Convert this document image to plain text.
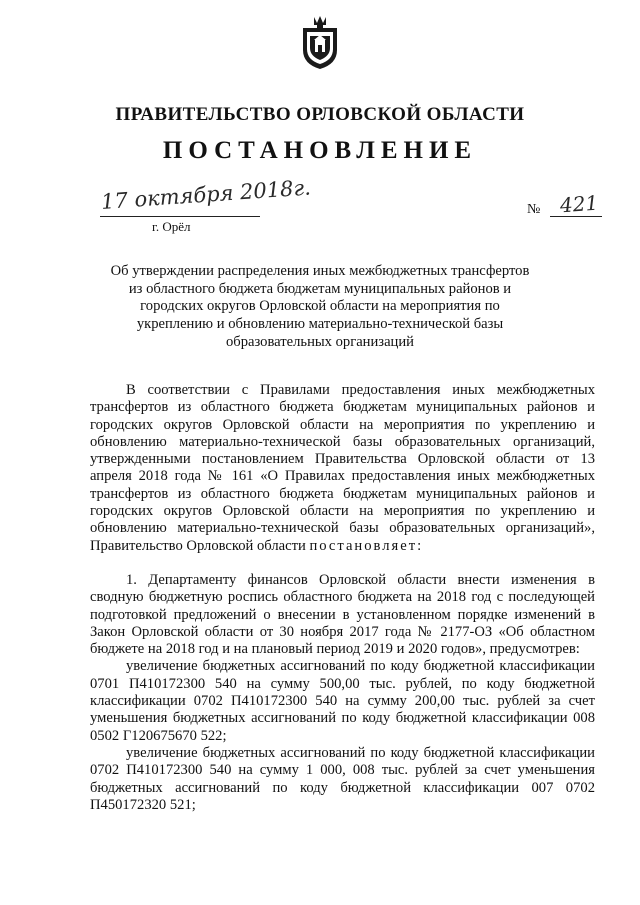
ПРАВИТЕЛЬСТВО ОРЛОВСКОЙ ОБЛАСТИ
ПОСТАНОВЛЕНИЕ
17 октября 2018г.
г. Орёл
№ 421
Об утверждении распределения иных межбюджетных трансфертов из областного бюджета бюджетам муниципальных районов и городских округов Орловской области на мероприятия по укреплению и обновлению материально-технической базы образовательных организаций

В соответствии с Правилами предоставления иных межбюджетных трансфертов из областного бюджета бюджетам муниципальных районов и городских округов Орловской области на мероприятия по укреплению и обновлению материально-технической базы образовательных организаций, утвержденными постановлением Правительства Орловской области от 13 апреля 2018 года № 161 «О Правилах предоставления иных межбюджетных трансфертов из областного бюджета бюджетам муниципальных районов и городских округов Орловской области на мероприятия по укреплению и обновлению материально-технической базы образовательных организаций», Правительство Орловской области постановляет:

1. Департаменту финансов Орловской области внести изменения в сводную бюджетную роспись областного бюджета на 2018 год с последующей подготовкой предложений о внесении в установленном порядке изменений в Закон Орловской области от 30 ноября 2017 года № 2177-ОЗ «Об областном бюджете на 2018 год и на плановый период 2019 и 2020 годов», предусмотрев:

увеличение бюджетных ассигнований по коду бюджетной классификации 0701 П410172300 540 на сумму 500,00 тыс. рублей, по коду бюджетной классификации 0702 П410172300 540 на сумму 200,00 тыс. рублей за счет уменьшения бюджетных ассигнований по коду бюджетной классификации 008 0502 Г120675670 522;

увеличение бюджетных ассигнований по коду бюджетной классификации 0702 П410172300 540 на сумму 1 000, 008 тыс. рублей за счет уменьшения бюджетных ассигнований по коду бюджетной классификации 007 0702 П450172320 521;
